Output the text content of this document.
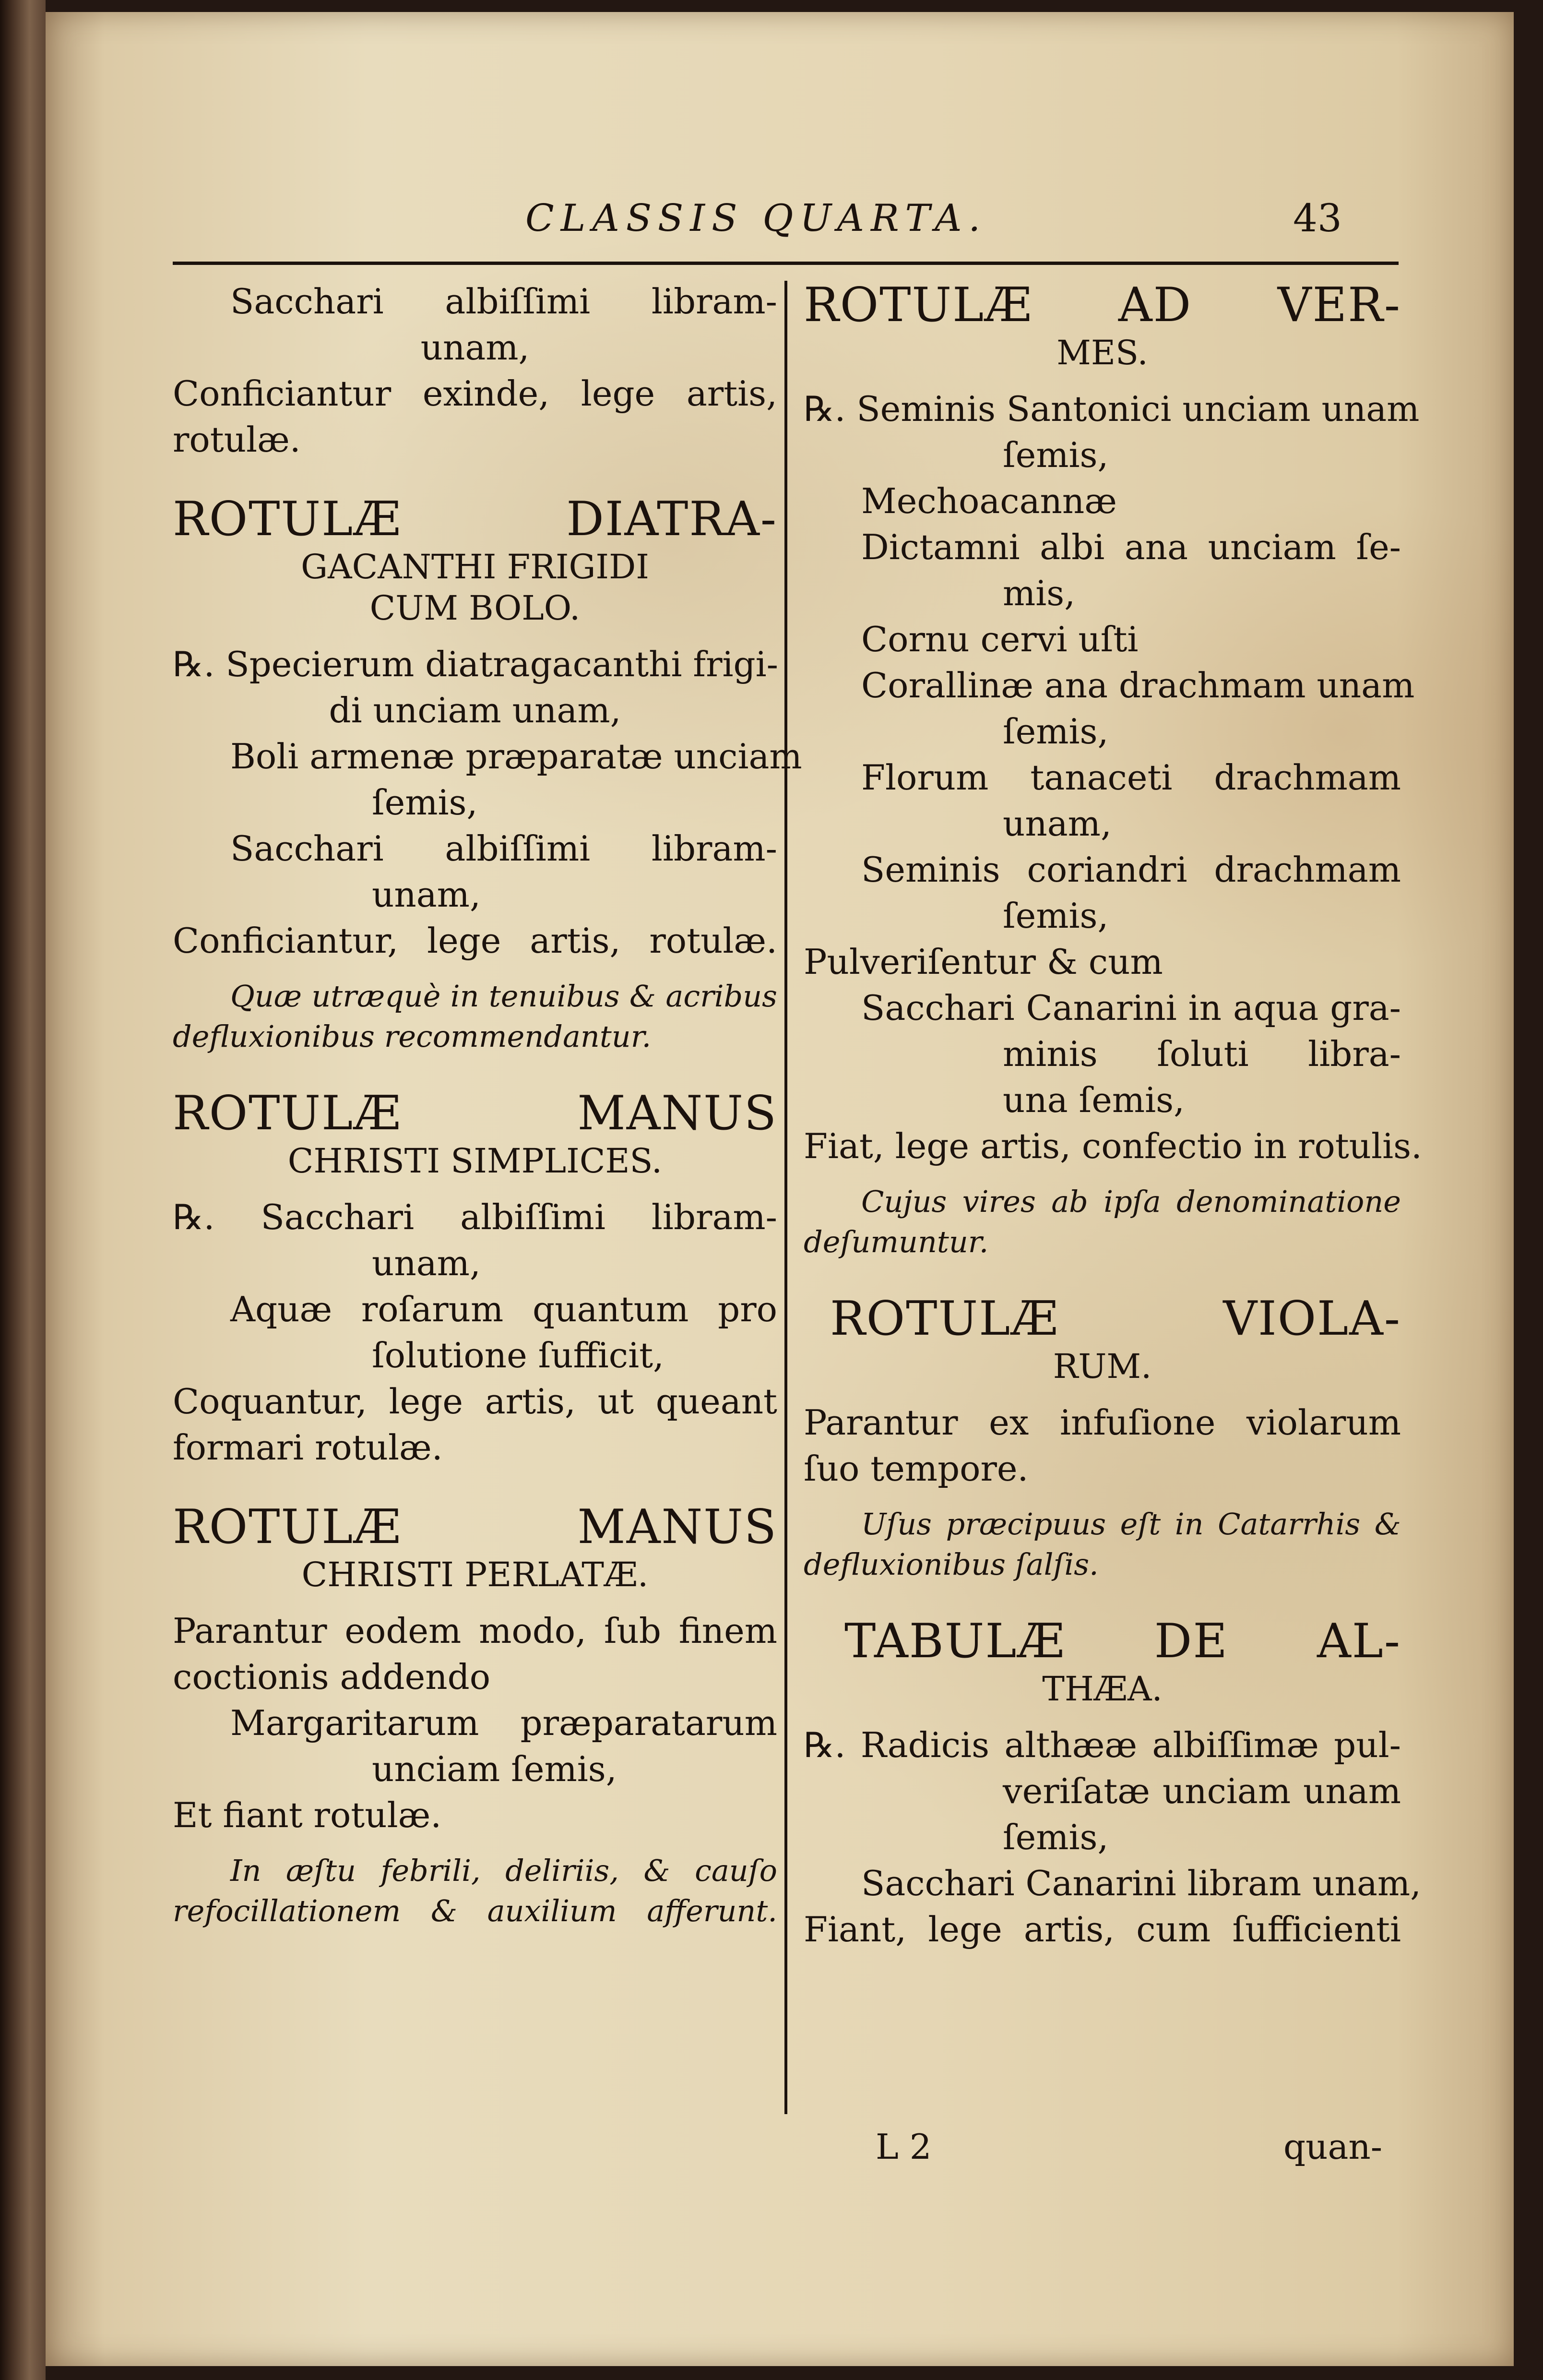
CLASSIS QUARTA.	43

Sacchari albiſſimi libram-

unam,

Conficiantur exinde, lege artis,

rotulæ.

ROTULÆ DIATRA-

GACANTHI FRIGIDI

CUM BOLO.

℞. Specierum diatragacanthi frigi-

di unciam unam,

Boli armenæ præparatæ unciam

ſemis,

Sacchari albiſſimi libram-

unam,

Conficiantur, lege artis, rotulæ.

Quæ utræquè in tenuibus & acribus

defluxionibus recommendantur.

ROTULÆ MANUS

CHRISTI SIMPLICES.

℞. Sacchari albiſſimi libram-

unam,

Aquæ roſarum quantum pro

ſolutione ſufficit,

Coquantur, lege artis, ut queant

formari rotulæ.

ROTULÆ MANUS

CHRISTI PERLATÆ.

Parantur eodem modo, ſub finem

coctionis addendo

Margaritarum præparatarum

unciam ſemis,

Et fiant rotulæ.

In æſtu febrili, deliriis, & cauſo

refocillationem & auxilium afferunt.

ROTULÆ AD VER-

MES.

℞. Seminis Santonici unciam unam

ſemis,

Mechoacannæ

Dictamni albi ana unciam ſe-

mis,

Cornu cervi uſti

Corallinæ ana drachmam unam

ſemis,

Florum tanaceti drachmam

unam,

Seminis coriandri drachmam

ſemis,

Pulveriſentur & cum

Sacchari Canarini in aqua gra-

minis ſoluti libra-

una ſemis,

Fiat, lege artis, confectio in rotulis.

Cujus vires ab ipſa denominatione

deſumuntur.

ROTULÆ VIOLA-

RUM.

Parantur ex infuſione violarum

ſuo tempore.

Uſus præcipuus eſt in Catarrhis &

defluxionibus ſalſis.

TABULÆ DE AL-

THÆA.

℞. Radicis althææ albiſſimæ pul-

veriſatæ unciam unam

ſemis,

Sacchari Canarini libram unam,

Fiant, lege artis, cum ſufficienti

L 2	quan-
